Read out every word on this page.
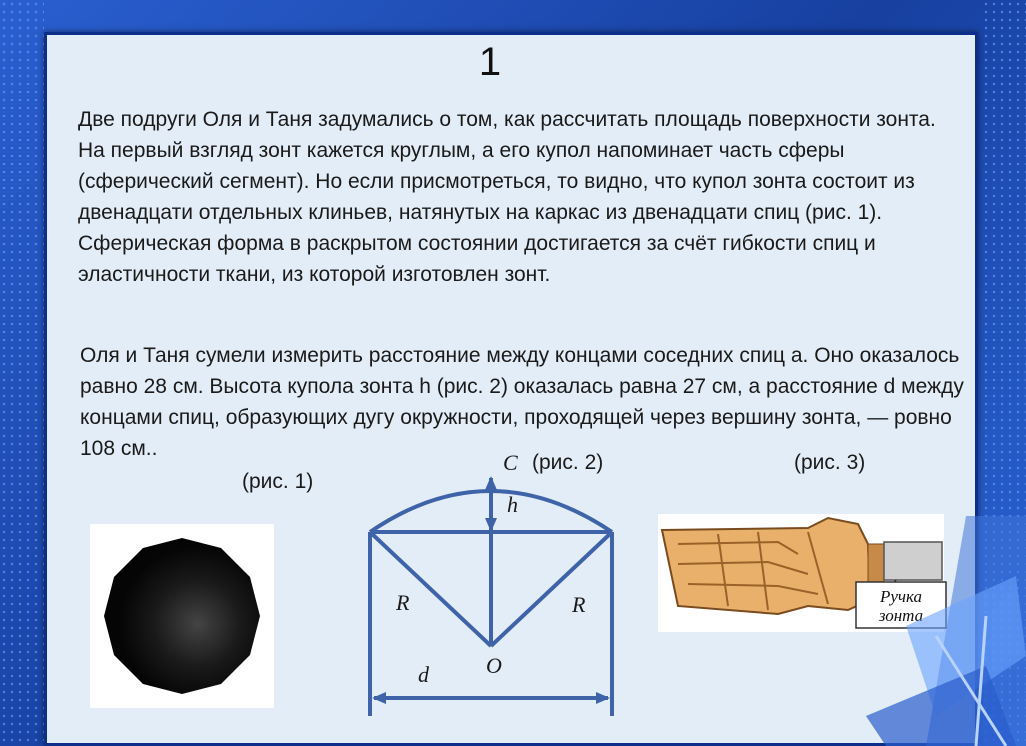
1

Две подруги Оля и Таня задумались о том, как рассчитать площадь поверхности зонта. На первый взгляд зонт кажется круглым, а его купол напоминает часть сферы (сферический сегмент). Но если присмотреться, то видно, что купол зонта состоит из двенадцати отдельных клиньев, натянутых на каркас из двенадцати спиц (рис. 1). Сферическая форма в раскрытом состоянии достигается за счёт гибкости спиц и эластичности ткани, из которой изготовлен зонт.

Оля и Таня сумели измерить расстояние между концами соседних спиц a. Оно оказалось равно 28 см. Высота купола зонта h (рис. 2) оказалась равна 27 см, а расстояние d между концами спиц, образующих дугу окружности, проходящей через вершину зонта, — ровно 108 см..

(рис. 1)
(рис. 2)	(рис. 3)
C
h
R	R
O
d
Ручка
зонта
